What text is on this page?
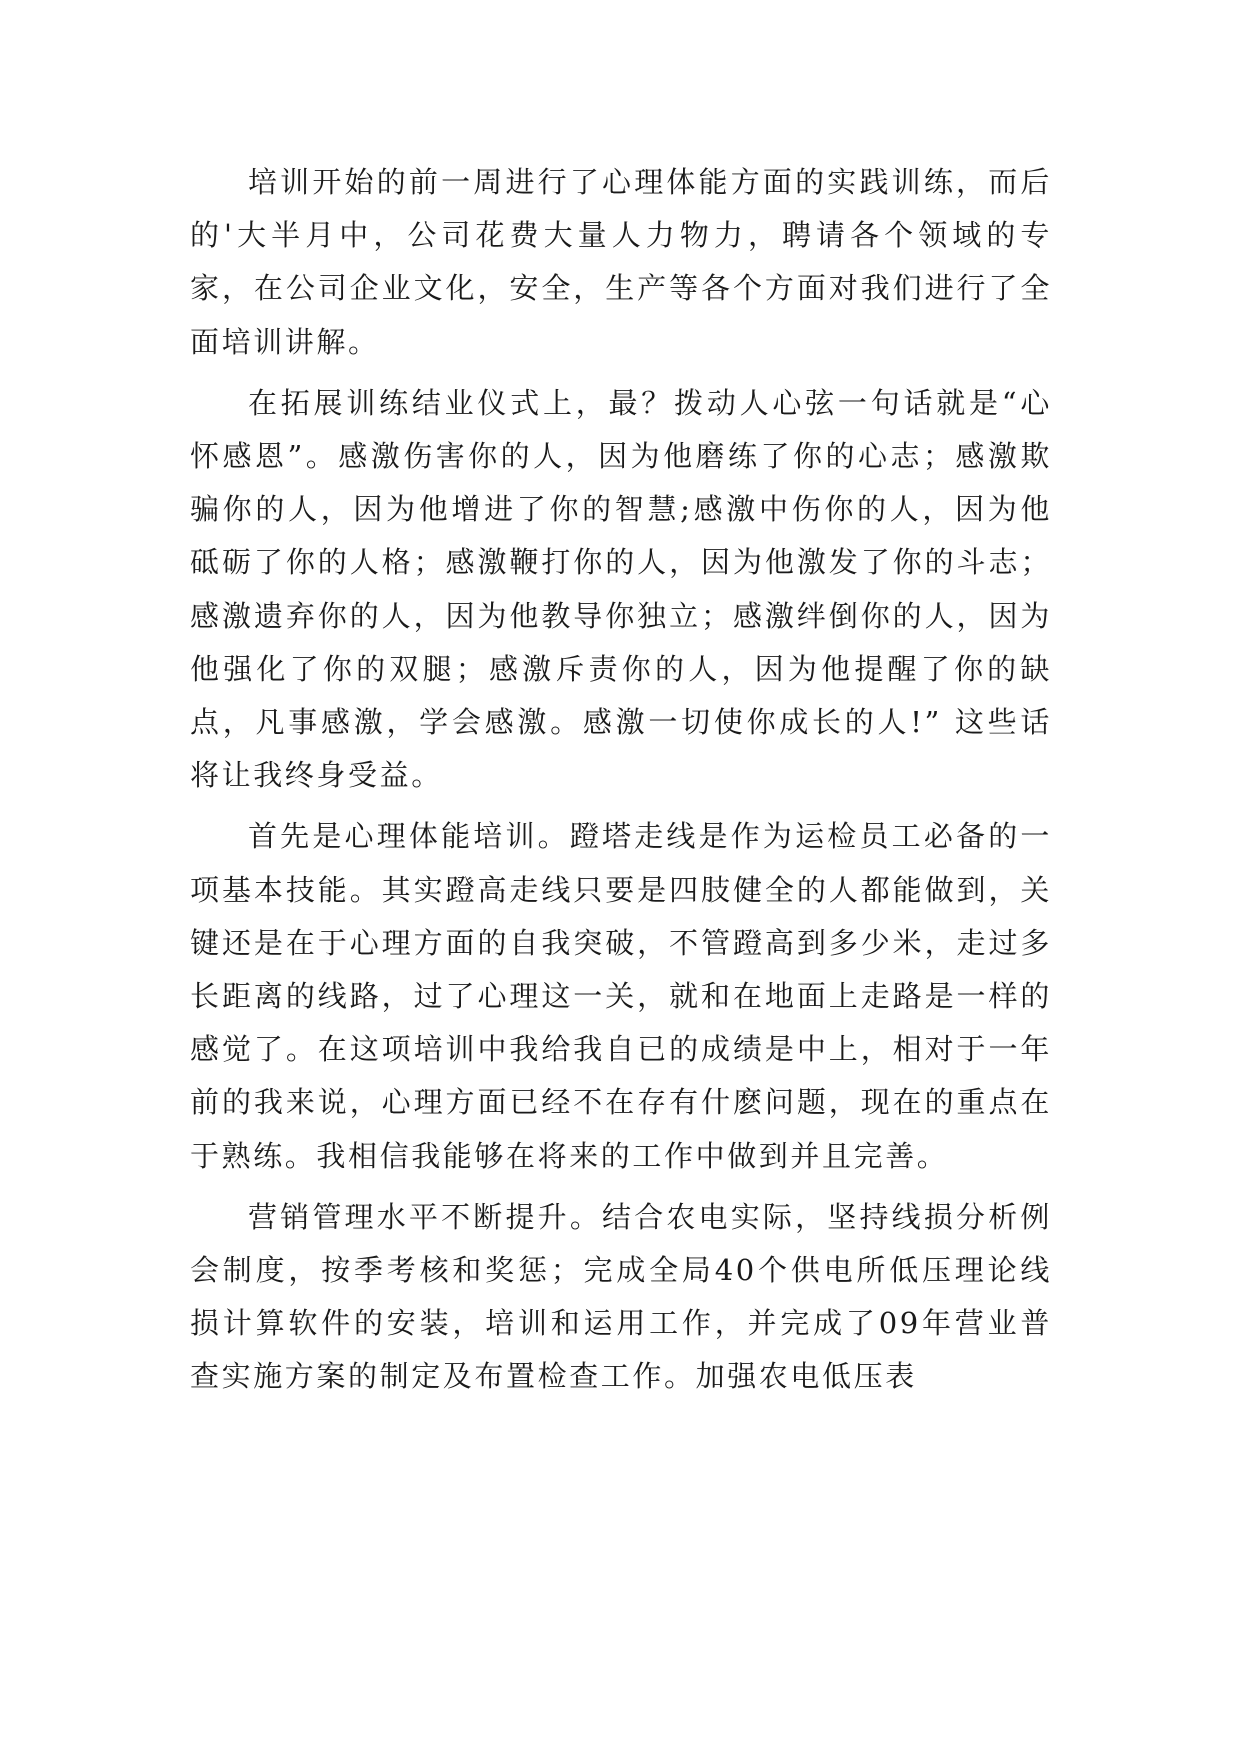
培训开始的前一周进行了心理体能方面的实践训练，而后的'大半月中，公司花费大量人力物力，聘请各个领域的专家，在公司企业文化，安全，生产等各个方面对我们进行了全面培训讲解。

在拓展训练结业仪式上，最？拨动人心弦一句话就是“心怀感恩”。感激伤害你的人，因为他磨练了你的心志；感激欺骗你的人，因为他增进了你的智慧;感激中伤你的人，因为他砥砺了你的人格；感激鞭打你的人，因为他激发了你的斗志；感激遗弃你的人，因为他教导你独立；感激绊倒你的人，因为他强化了你的双腿；感激斥责你的人，因为他提醒了你的缺点，凡事感激，学会感激。感激一切使你成长的人!” 这些话将让我终身受益。

首先是心理体能培训。蹬塔走线是作为运检员工必备的一项基本技能。其实蹬高走线只要是四肢健全的人都能做到，关键还是在于心理方面的自我突破，不管蹬高到多少米，走过多长距离的线路，过了心理这一关，就和在地面上走路是一样的感觉了。在这项培训中我给我自已的成绩是中上，相对于一年前的我来说，心理方面已经不在存有什麽问题，现在的重点在于熟练。我相信我能够在将来的工作中做到并且完善。

营销管理水平不断提升。结合农电实际，坚持线损分析例会制度，按季考核和奖惩；完成全局40个供电所低压理论线损计算软件的安装，培训和运用工作，并完成了09年营业普查实施方案的制定及布置检查工作。加强农电低压表
